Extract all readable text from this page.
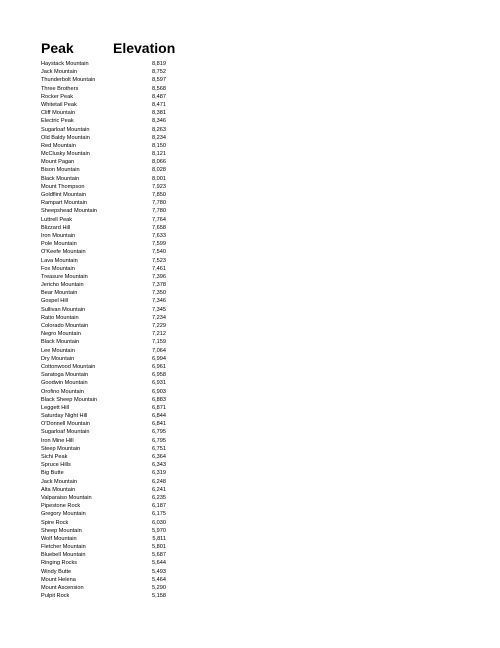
Peak	Elevation
Haystack Mountain	8,819
Jack Mountain	8,752
Thunderbolt Mountain	8,597
Three Brothers	8,568
Rocker Peak	8,487
Whitetail Peak	8,471
Cliff Mountain	8,381
Electric Peak	8,346
Sugarloaf Mountain	8,263
Old Baldy Mountain	8,234
Red Mountain	8,150
McClusky Mountain	8,121
Mount Pagan	8,066
Bison Mountain	8,028
Black Mountain	8,001
Mount Thompson	7,923
Goldflint Mountain	7,850
Rampart Mountain	7,780
Sheepshead Mountain	7,780
Luttrell Peak	7,764
Blizzard Hill	7,658
Iron Mountain	7,633
Pole Mountain	7,599
O'Keefe Mountain	7,540
Lava Mountain	7,523
Fox Mountain	7,461
Treasure Mountain	7,396
Jericho Mountain	7,378
Bear Mountain	7,350
Gospel Hill	7,346
Sullivan Mountain	7,345
Ratio Mountain	7,234
Colorado Mountain	7,229
Negro Mountain	7,212
Black Mountain	7,159
Lee Mountain	7,064
Dry Mountain	6,994
Cottonwood Mountain	6,961
Saratoga Mountain	6,958
Goodwin Mountain	6,931
Orofino Mountain	6,903
Black Sheep Mountain	6,883
Leggett Hill	6,871
Saturday Night Hill	6,844
O'Donnell Mountain	6,841
Sugarloaf Mountain	6,795
Iron Mine Hill	6,795
Steep Mountain	6,751
Sichi Peak	6,364
Spruce Hills	6,343
Big Butte	6,319
Jack Mountain	6,248
Alta Mountain	6,241
Valparaiso Mountain	6,235
Pipestone Rock	6,187
Gregory Mountain	6,175
Spire Rock	6,030
Sheep Mountain	5,970
Wolf Mountain	5,811
Fletcher Mountain	5,801
Bluebell Mountain	5,687
Ringing Rocks	5,644
Windy Butte	5,493
Mount Helena	5,464
Mount Ascension	5,290
Pulpit Rock	5,158
